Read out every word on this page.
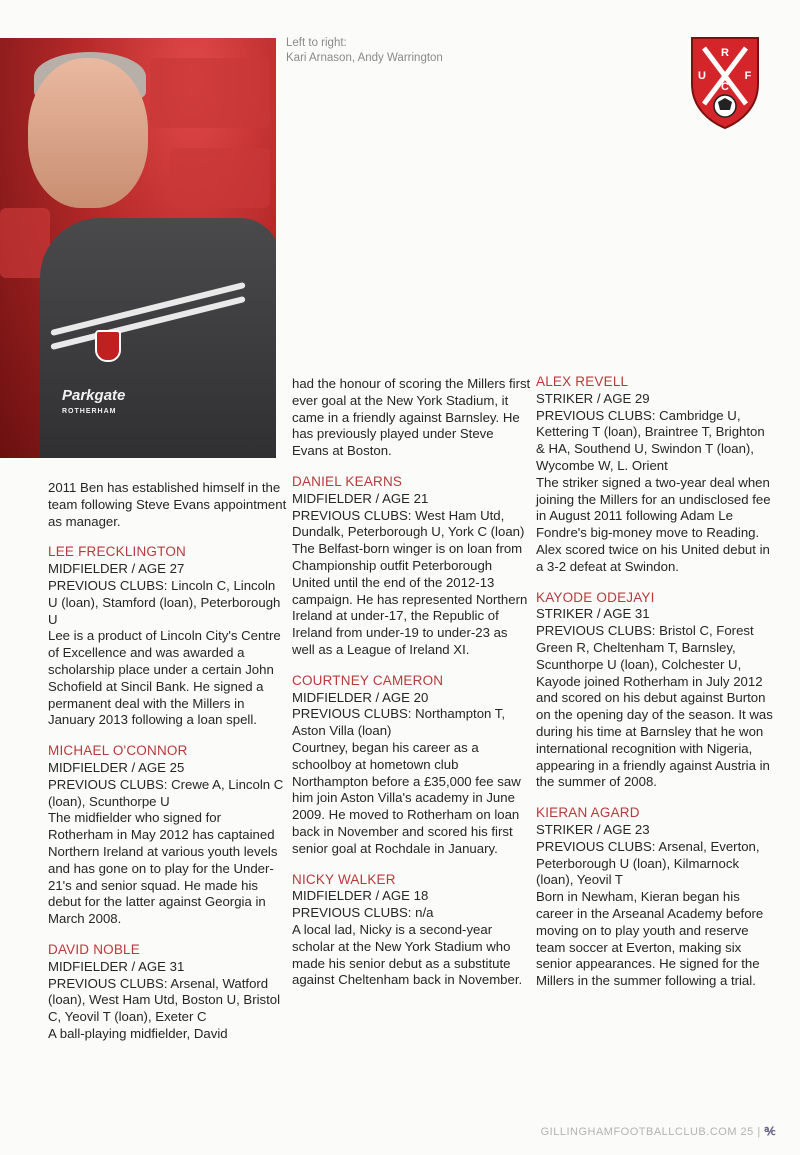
Parkgate
ROTHERHAM
Left to right:
Kari Arnason, Andy Warrington	R
U	F
C

2011 Ben has established himself in the team following Steve Evans appointment as manager.

LEE FRECKLINGTON

MIDFIELDER / AGE 27

PREVIOUS CLUBS: Lincoln C, Lincoln U (loan), Stamford (loan), Peterborough U

Lee is a product of Lincoln City's Centre of Excellence and was awarded a scholarship place under a certain John Schofield at Sincil Bank. He signed a permanent deal with the Millers in January 2013 following a loan spell.

MICHAEL O'CONNOR

MIDFIELDER / AGE 25

PREVIOUS CLUBS: Crewe A, Lincoln C (loan), Scunthorpe U

The midfielder who signed for Rotherham in May 2012 has captained Northern Ireland at various youth levels and has gone on to play for the Under-21's and senior squad. He made his debut for the latter against Georgia in March 2008.

DAVID NOBLE

MIDFIELDER / AGE 31

PREVIOUS CLUBS: Arsenal, Watford (loan), West Ham Utd, Boston U, Bristol C, Yeovil T (loan), Exeter C

A ball-playing midfielder, David

had the honour of scoring the Millers first ever goal at the New York Stadium, it came in a friendly against Barnsley. He has previously played under Steve Evans at Boston.

DANIEL KEARNS

MIDFIELDER / AGE 21

PREVIOUS CLUBS: West Ham Utd, Dundalk, Peterborough U, York C (loan)

The Belfast-born winger is on loan from Championship outfit Peterborough United until the end of the 2012-13 campaign. He has represented Northern Ireland at under-17, the Republic of Ireland from under-19 to under-23 as well as a League of Ireland XI.

COURTNEY CAMERON

MIDFIELDER / AGE 20

PREVIOUS CLUBS: Northampton T, Aston Villa (loan)

Courtney, began his career as a schoolboy at hometown club Northampton before a £35,000 fee saw him join Aston Villa's academy in June 2009. He moved to Rotherham on loan back in November and scored his first senior goal at Rochdale in January.

NICKY WALKER

MIDFIELDER / AGE 18

PREVIOUS CLUBS: n/a

A local lad, Nicky is a second-year scholar at the New York Stadium who made his senior debut as a substitute against Cheltenham back in November.

ALEX REVELL

STRIKER / AGE 29

PREVIOUS CLUBS: Cambridge U, Kettering T (loan), Braintree T, Brighton & HA, Southend U, Swindon T (loan), Wycombe W, L. Orient

The striker signed a two-year deal when joining the Millers for an undisclosed fee in August 2011 following Adam Le Fondre's big-money move to Reading. Alex scored twice on his United debut in a 3-2 defeat at Swindon.

KAYODE ODEJAYI

STRIKER / AGE 31

PREVIOUS CLUBS: Bristol C, Forest Green R, Cheltenham T, Barnsley, Scunthorpe U (loan), Colchester U,

Kayode joined Rotherham in July 2012 and scored on his debut against Burton on the opening day of the season. It was during his time at Barnsley that he won international recognition with Nigeria, appearing in a friendly against Austria in the summer of 2008.

KIERAN AGARD

STRIKER / AGE 23

PREVIOUS CLUBS: Arsenal, Everton, Peterborough U (loan), Kilmarnock (loan), Yeovil T

Born in Newham, Kieran began his career in the Arseanal Academy before moving on to play youth and reserve team soccer at Everton, making six senior appearances. He signed for the Millers in the summer following a trial.

GILLINGHAMFOOTBALLCLUB.COM 25 | ℀
